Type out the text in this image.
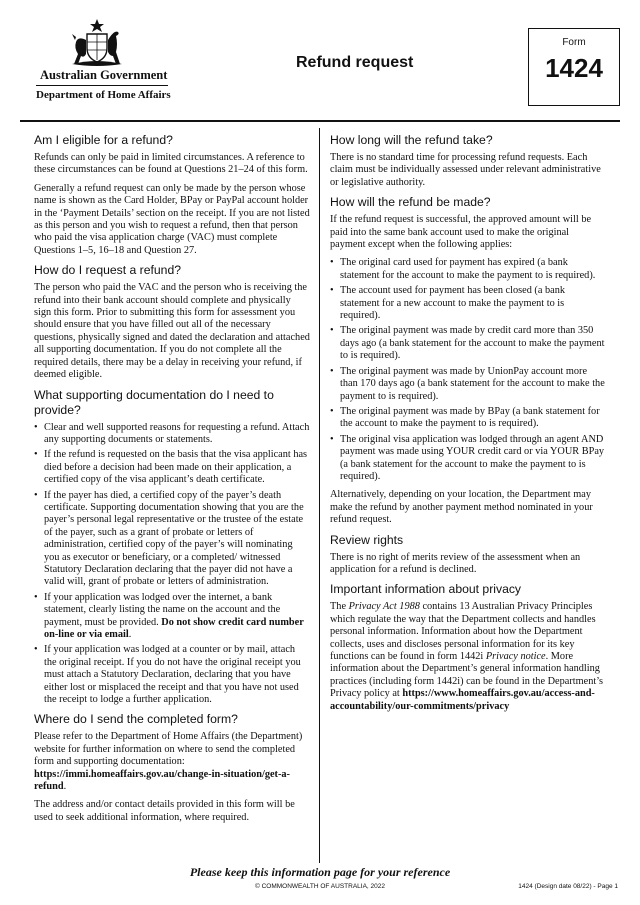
Australian Government
Department of Home Affairs
Refund request
Form
1424
Am I eligible for a refund?

Refunds can only be paid in limited circumstances. A reference to these circumstances can be found at Questions 21–24 of this form.

Generally a refund request can only be made by the person whose name is shown as the Card Holder, BPay or PayPal account holder in the ‘Payment Details’ section on the receipt. If you are not listed as this person and you wish to request a refund, then that person who paid the visa application charge (VAC) must complete Questions 1–5, 16–18 and Question 27.

How do I request a refund?

The person who paid the VAC and the person who is receiving the refund into their bank account should complete and physically sign this form. Prior to submitting this form for assessment you should ensure that you have filled out all of the necessary questions, physically signed and dated the declaration and attached all supporting documentation. If you do not complete all the required details, there may be a delay in receiving your refund, if deemed eligible.

What supporting documentation do I need to provide?
• Clear and well supported reasons for requesting a refund. Attach any supporting documents or statements.
• If the refund is requested on the basis that the visa applicant has died before a decision had been made on their application, a certified copy of the visa applicant’s death certificate.
• If the payer has died, a certified copy of the payer’s death certificate. Supporting documentation showing that you are the payer’s personal legal representative or the trustee of the estate of the payer, such as a grant of probate or letters of administration, certified copy of the payer’s will nominating you as executor or beneficiary, or a completed/ witnessed Statutory Declaration declaring that the payer did not have a valid will, grant of probate or letters of administration.
• If your application was lodged over the internet, a bank statement, clearly listing the name on the account and the payment, must be provided. Do not show credit card number on-line or via email.
• If your application was lodged at a counter or by mail, attach the original receipt. If you do not have the original receipt you must attach a Statutory Declaration, declaring that you have either lost or misplaced the receipt and that you have not used the receipt to lodge a further application.
Where do I send the completed form?

Please refer to the Department of Home Affairs (the Department) website for further information on where to send the completed form and supporting documentation: https://immi.homeaffairs.gov.au/change-in-situation/get-a-refund.

The address and/or contact details provided in this form will be used to seek additional information, where required.

How long will the refund take?

There is no standard time for processing refund requests. Each claim must be individually assessed under relevant administrative or legislative authority.

How will the refund be made?

If the refund request is successful, the approved amount will be paid into the same bank account used to make the original payment except when the following applies:

• The original card used for payment has expired (a bank statement for the account to make the payment to is required).
• The account used for payment has been closed (a bank statement for a new account to make the payment to is required).
• The original payment was made by credit card more than 350 days ago (a bank statement for the account to make the payment to is required).
• The original payment was made by UnionPay account more than 170 days ago (a bank statement for the account to make the payment to is required).
• The original payment was made by BPay (a bank statement for the account to make the payment to is required).
• The original visa application was lodged through an agent AND payment was made using YOUR credit card or via YOUR BPay (a bank statement for the account to make the payment to is required).

Alternatively, depending on your location, the Department may make the refund by another payment method nominated in your refund request.

Review rights

There is no right of merits review of the assessment when an application for a refund is declined.

Important information about privacy

The Privacy Act 1988 contains 13 Australian Privacy Principles which regulate the way that the Department collects and handles personal information. Information about how the Department collects, uses and discloses personal information for its key functions can be found in form 1442i Privacy notice. More information about the Department’s general information handling practices (including form 1442i) can be found in the Department’s Privacy policy at https://www.homeaffairs.gov.au/access-and-accountability/our-commitments/privacy

Please keep this information page for your reference
© COMMONWEALTH OF AUSTRALIA, 2022	1424 (Design date 08/22) - Page 1
